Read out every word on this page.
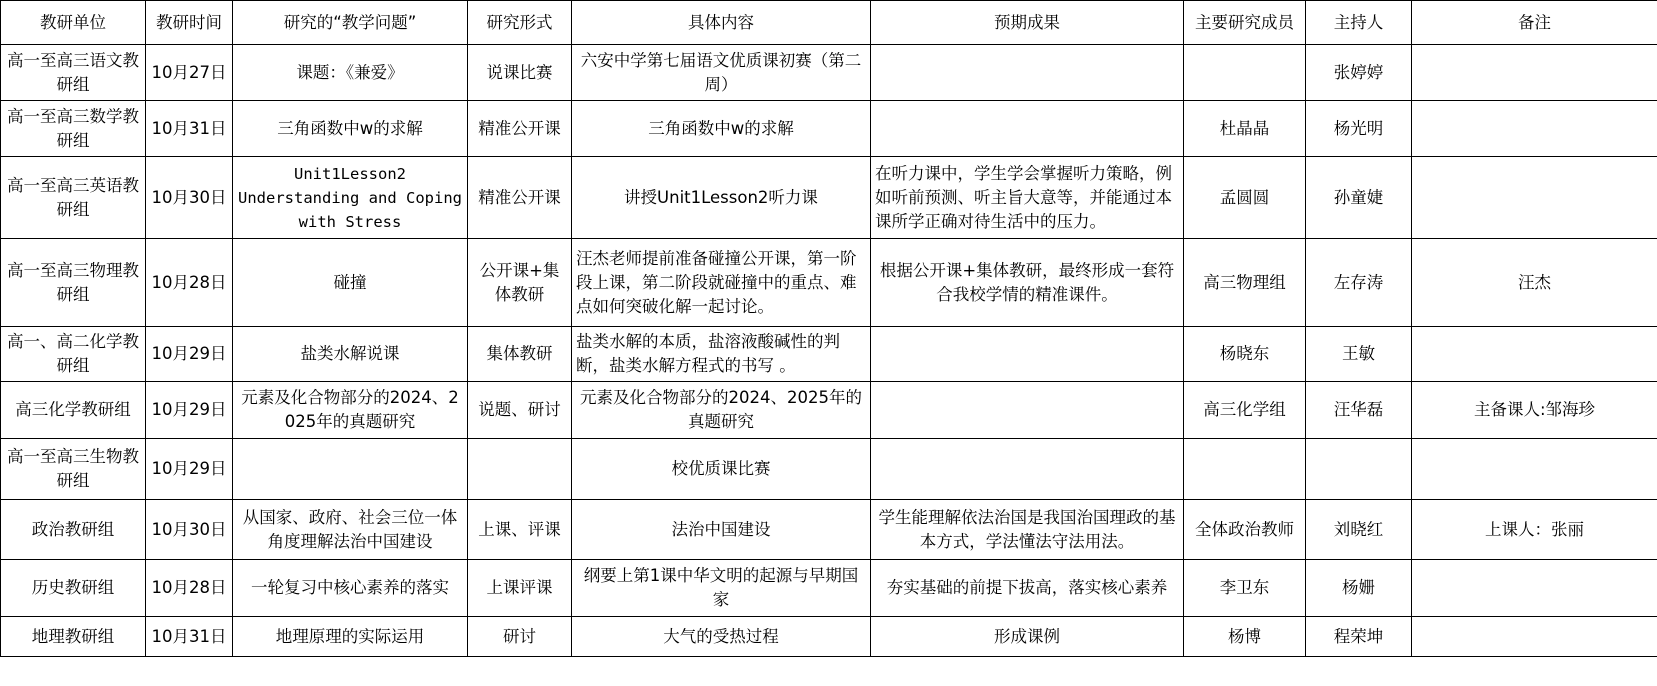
教研单位	教研时间	研究的“教学问题”	研究形式	具体内容	预期成果	主要研究成员	主持人	备注
高一至高三语文教研组	10月27日	课题：《兼爱》	说课比赛	六安中学第七届语文优质课初赛（第二周）			张婷婷	
高一至高三数学教研组	10月31日	三角函数中w的求解	精准公开课	三角函数中w的求解		杜晶晶	杨光明	
高一至高三英语教研组	10月30日	Unit1Lesson2 Understanding and Coping with Stress	精准公开课	讲授Unit1Lesson2听力课	在听力课中，学生学会掌握听力策略，例如听前预测、听主旨大意等，并能通过本课所学正确对待生活中的压力。	孟圆圆	孙童婕	
高一至高三物理教研组	10月28日	碰撞	公开课+集体教研	汪杰老师提前准备碰撞公开课，第一阶段上课，第二阶段就碰撞中的重点、难点如何突破化解一起讨论。	根据公开课+集体教研，最终形成一套符合我校学情的精准课件。	高三物理组	左存涛	汪杰
高一、高二化学教研组	10月29日	盐类水解说课	集体教研	盐类水解的本质，盐溶液酸碱性的判断，盐类水解方程式的书写 。		杨晓东	王敏	
高三化学教研组	10月29日	元素及化合物部分的2024、2025年的真题研究	说题、研讨	元素及化合物部分的2024、2025年的真题研究		高三化学组	汪华磊	主备课人:邹海珍
高一至高三生物教研组	10月29日			校优质课比赛				
政治教研组	10月30日	从国家、政府、社会三位一体角度理解法治中国建设	上课、评课	法治中国建设	学生能理解依法治国是我国治国理政的基本方式，学法懂法守法用法。	全体政治教师	刘晓红	上课人：张丽
历史教研组	10月28日	一轮复习中核心素养的落实	上课评课	纲要上第1课中华文明的起源与早期国家	夯实基础的前提下拔高，落实核心素养	李卫东	杨姗	
地理教研组	10月31日	地理原理的实际运用	研讨	大气的受热过程	形成课例	杨博	程荣坤	
